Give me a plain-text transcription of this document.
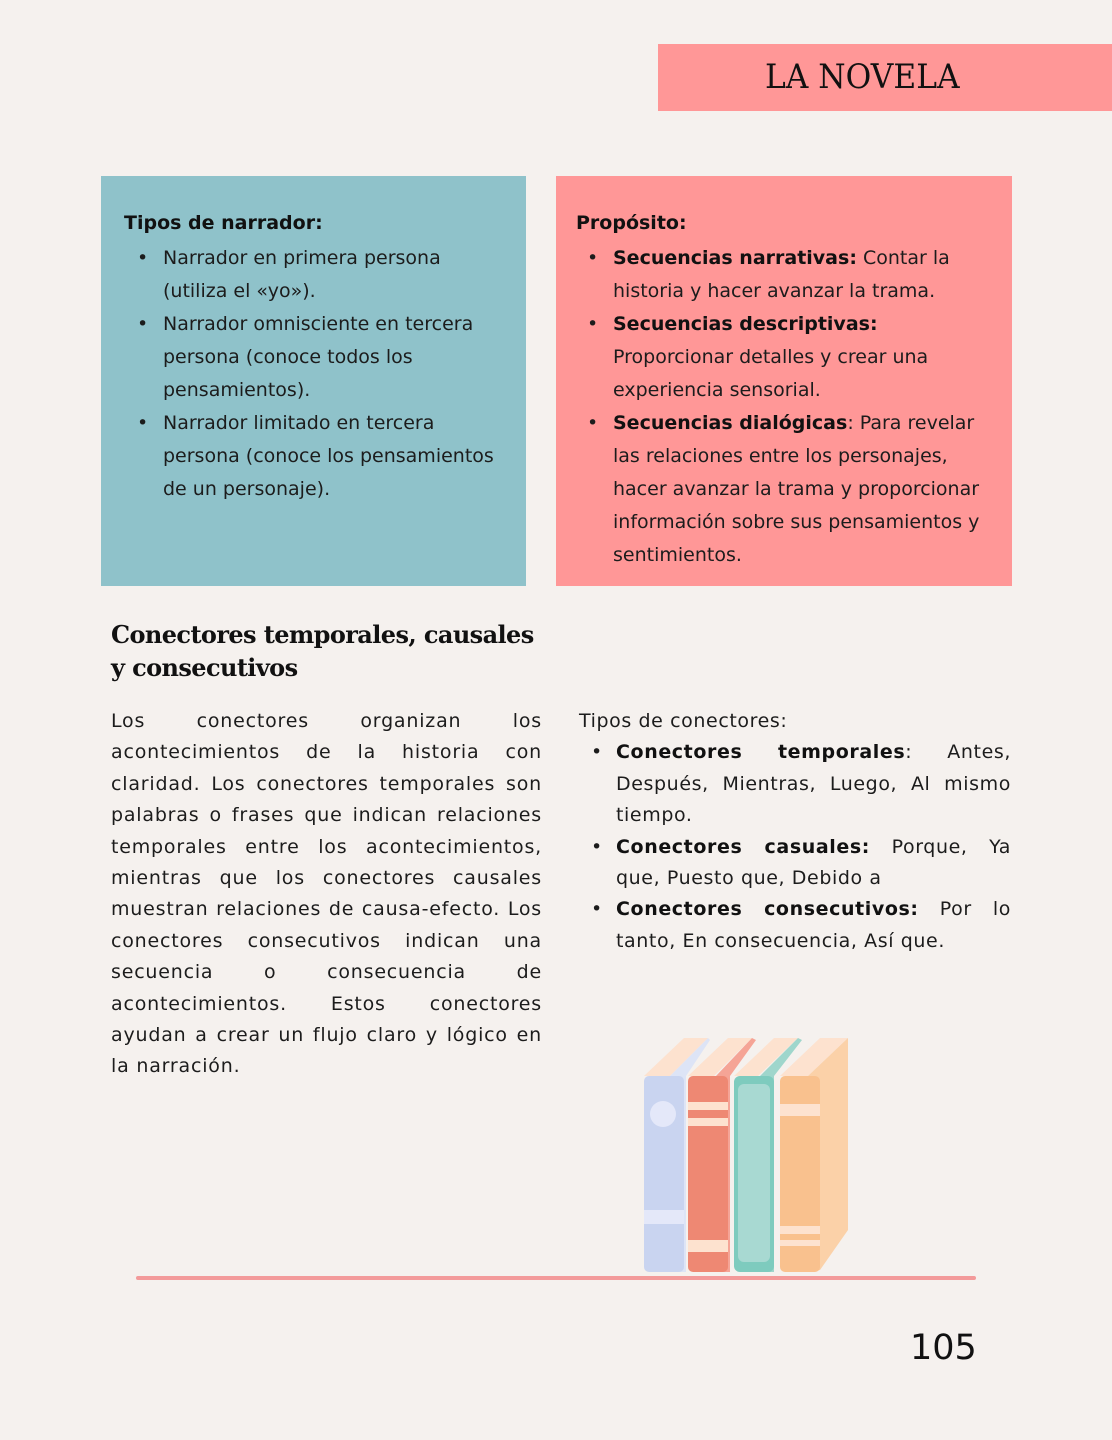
LA NOVELA
Tipos de narrador:
• Narrador en primera persona (utiliza el «yo»).
• Narrador omnisciente en tercera persona (conoce todos los pensamientos).
• Narrador limitado en tercera persona (conoce los pensamientos de un personaje).
Propósito:
• Secuencias narrativas: Contar la historia y hacer avanzar la trama.
• Secuencias descriptivas: Proporcionar detalles y crear una experiencia sensorial.
• Secuencias dialógicas: Para revelar las relaciones entre los personajes, hacer avanzar la trama y proporcionar información sobre sus pensamientos y sentimientos.
Conectores temporales, causales y consecutivos
Los conectores organizan los acontecimientos de la historia con claridad. Los conectores temporales son palabras o frases que indican relaciones temporales entre los acontecimientos, mientras que los conectores causales muestran relaciones de causa-efecto. Los conectores consecutivos indican una secuencia o consecuencia de acontecimientos. Estos conectores ayudan a crear un flujo claro y lógico en la narración.
Tipos de conectores:
• Conectores temporales: Antes, Después, Mientras, Luego, Al mismo tiempo.
• Conectores casuales: Porque, Ya que, Puesto que, Debido a
• Conectores consecutivos: Por lo tanto, En consecuencia, Así que.
105
